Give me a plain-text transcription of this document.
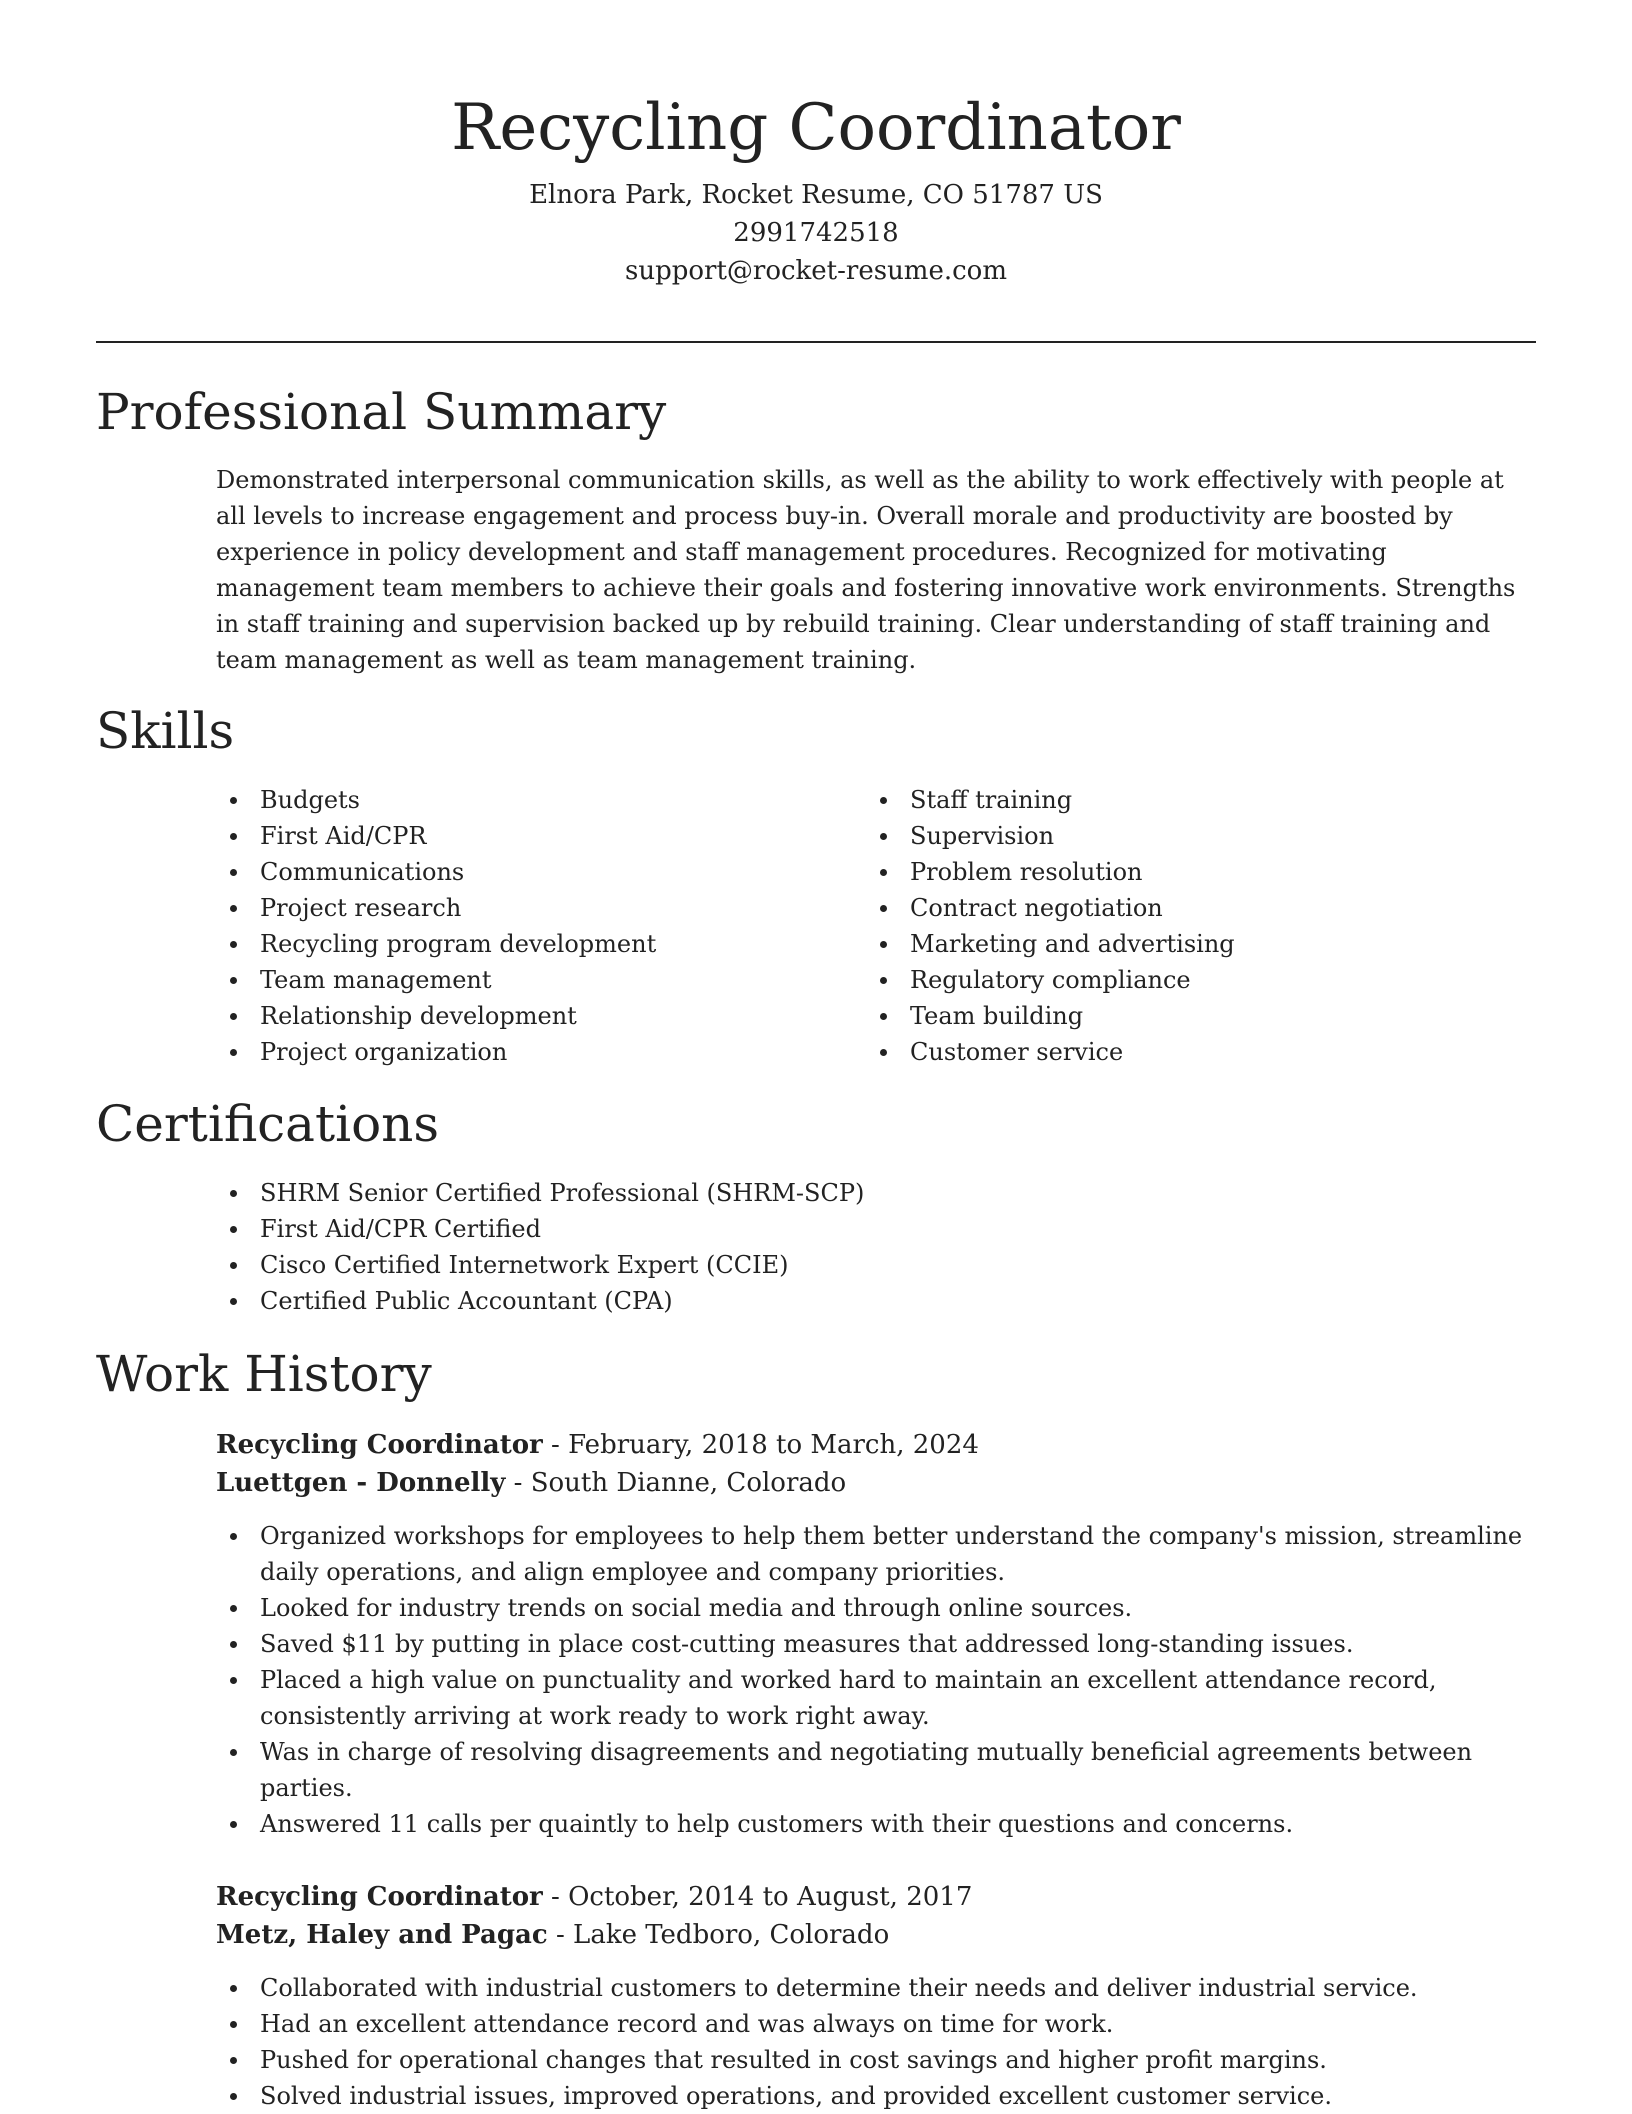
Recycling Coordinator

Elnora Park, Rocket Resume, CO 51787 US

2991742518

support@rocket-resume.com

Professional Summary

Demonstrated interpersonal communication skills, as well as the ability to work effectively with people at all levels to increase engagement and process buy-in. Overall morale and productivity are boosted by experience in policy development and staff management procedures. Recognized for motivating management team members to achieve their goals and fostering innovative work environments. Strengths in staff training and supervision backed up by rebuild training. Clear understanding of staff training and team management as well as team management training.

Skills
Budgets
First Aid/CPR
Communications
Project research
Recycling program development
Team management
Relationship development
Project organization
Staff training
Supervision
Problem resolution
Contract negotiation
Marketing and advertising
Regulatory compliance
Team building
Customer service
Certifications
SHRM Senior Certified Professional (SHRM-SCP)
First Aid/CPR Certified
Cisco Certified Internetwork Expert (CCIE)
Certified Public Accountant (CPA)
Work History

Recycling Coordinator - February, 2018 to March, 2024

Luettgen - Donnelly - South Dianne, Colorado

Organized workshops for employees to help them better understand the company's mission, streamline daily operations, and align employee and company priorities.
Looked for industry trends on social media and through online sources.
Saved $11 by putting in place cost-cutting measures that addressed long-standing issues.
Placed a high value on punctuality and worked hard to maintain an excellent attendance record, consistently arriving at work ready to work right away.
Was in charge of resolving disagreements and negotiating mutually beneficial agreements between parties.
Answered 11 calls per quaintly to help customers with their questions and concerns.

Recycling Coordinator - October, 2014 to August, 2017

Metz, Haley and Pagac - Lake Tedboro, Colorado

Collaborated with industrial customers to determine their needs and deliver industrial service.
Had an excellent attendance record and was always on time for work.
Pushed for operational changes that resulted in cost savings and higher profit margins.
Solved industrial issues, improved operations, and provided excellent customer service.
